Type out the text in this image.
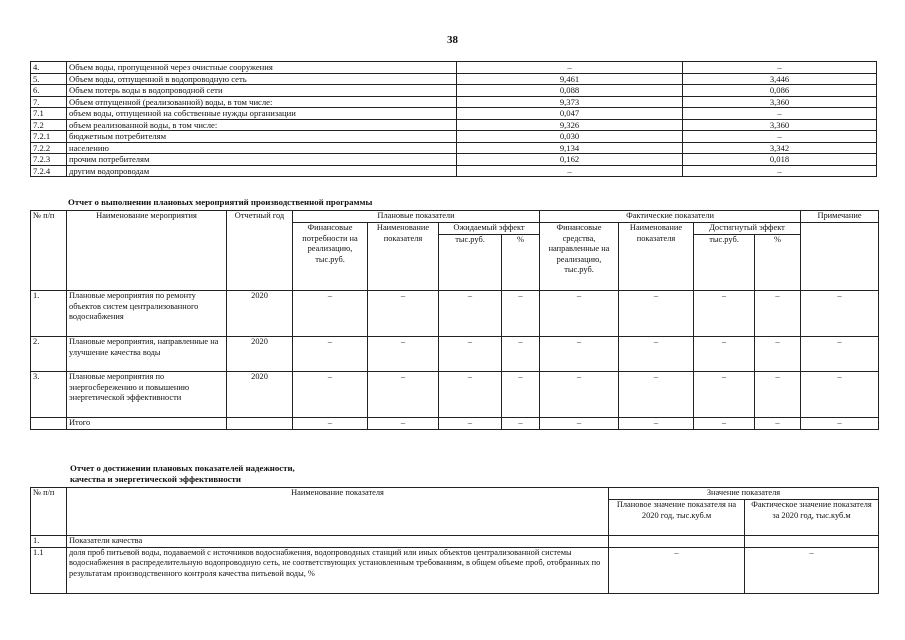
38
4.	Объем воды, пропущенной через очистные сооружения	–	–
5.	Объем воды, отпущенной в водопроводную сеть	9,461	3,446
6.	Объем потерь воды в водопроводной сети	0,088	0,086
7.	Объем отпущенной (реализованной) воды, в том числе:	9,373	3,360
7.1	объем воды, отпущенной на собственные нужды организации	0,047	–
7.2	объем реализованной воды, в том числе:	9,326	3,360
7.2.1	бюджетным потребителям	0,030	–
7.2.2	населению	9,134	3,342
7.2.3	прочим потребителям	0,162	0,018
7.2.4	другим водопроводам	–	–
Отчет о выполнении плановых мероприятий производственной программы
№ п/п	Наименование мероприятия	Отчетный год	Плановые показатели				Фактические показатели				Примечание
			Финансовые потребности на реализацию, тыс.руб.	Наименование показателя	Ожидаемый эффект		Финансовые средства, направленные на реализацию, тыс.руб.	Наименование показателя	Достигнутый эффект		
					тыс.руб.	%			тыс.руб.	%	
1.	Плановые мероприятия по ремонту объектов систем централизованного водоснабжения	2020	–	–	–	–	–	–	–	–	–
2.	Плановые мероприятия, направленные на улучшение качества воды	2020	–	–	–	–	–	–	–	–	–
3.	Плановые мероприятия по энергосбережению и повышению энергетической эффективности	2020	–	–	–	–	–	–	–	–	–
	Итого		–	–	–	–	–	–	–	–	–
Отчет о достижении плановых показателей надежности,
качества и энергетической эффективности
№ п/п	Наименование показателя	Значение показателя	
		Плановое значение показателя на 2020 год, тыс.куб.м	Фактическое значение показателя за 2020 год, тыс.куб.м
1.	Показатели качества		
1.1	доля проб питьевой воды, подаваемой с источников водоснабжения, водопроводных станций или иных объектов централизованной системы водоснабжения в распределительную водопроводную сеть, не соответствующих установленным требованиям, в общем объеме проб, отобранных по результатам производственного контроля качества питьевой воды, %	–	–
